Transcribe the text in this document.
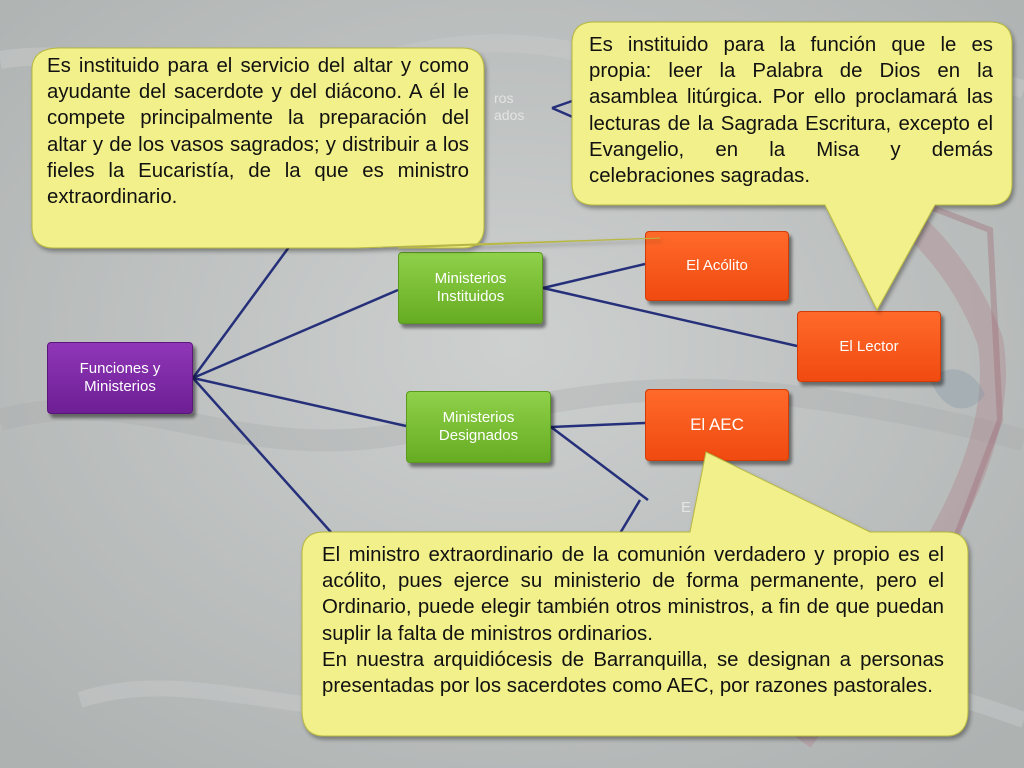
ros
ados
E
Funciones y Ministerios
Ministerios Instituidos
Ministerios Designados
El Acólito
El Lector
El AEC
Es instituido para el servicio del altar y como ayudante del sacerdote y del diácono. A él le compete principalmente la preparación del altar y de los vasos sagrados; y distribuir a los fieles la Eucaristía, de la que es ministro extraordinario.
Es instituido para la función que le es propia: leer la Palabra de Dios en la asamblea litúrgica. Por ello proclamará las lecturas de la Sagrada Escritura, excepto el Evangelio, en la Misa y demás celebraciones sagradas.

El ministro extraordinario de la comunión verdadero y propio es el acólito, pues ejerce su ministerio de forma permanente, pero el Ordinario, puede elegir también otros ministros, a fin de que puedan suplir la falta de ministros ordinarios.

En nuestra arquidiócesis de Barranquilla, se designan a personas presentadas por los sacerdotes como AEC, por razones pastorales.
